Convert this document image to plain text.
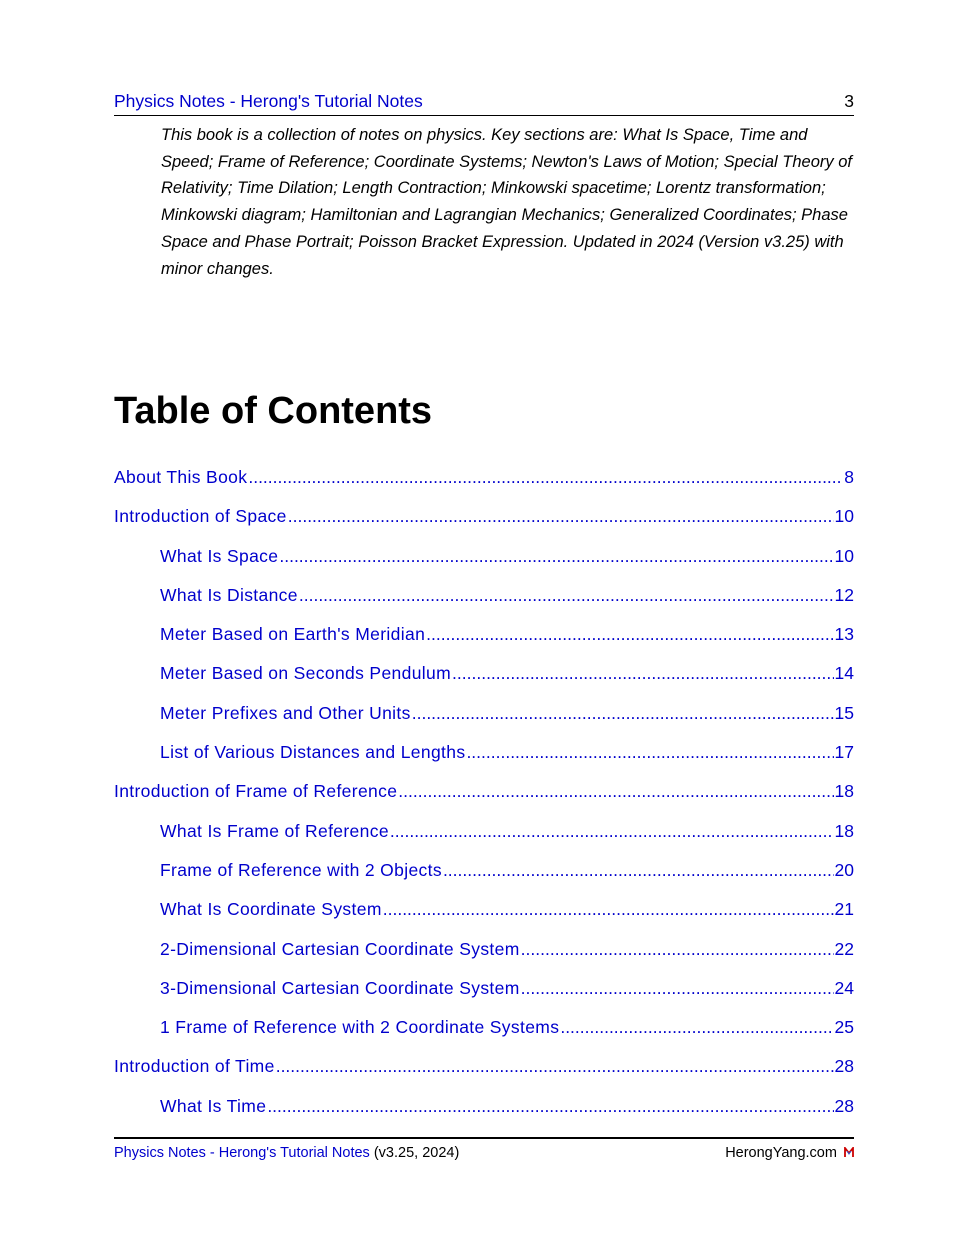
Physics Notes - Herong's Tutorial Notes	3
This book is a collection of notes on physics. Key sections are: What Is Space, Time and Speed; Frame of Reference; Coordinate Systems; Newton's Laws of Motion; Special Theory of Relativity; Time Dilation; Length Contraction; Minkowski spacetime; Lorentz transformation; Minkowski diagram; Hamiltonian and Lagrangian Mechanics; Generalized Coordinates; Phase Space and Phase Portrait; Poisson Bracket Expression. Updated in 2024 (Version v3.25) with minor changes.
Table of Contents
About This Book .....	8
Introduction of Space .....	10
What Is Space .....	10
What Is Distance .....	12
Meter Based on Earth's Meridian .....	13
Meter Based on Seconds Pendulum .....	14
Meter Prefixes and Other Units .....	15
List of Various Distances and Lengths .....	17
Introduction of Frame of Reference .....	18
What Is Frame of Reference .....	18
Frame of Reference with 2 Objects .....	20
What Is Coordinate System .....	21
2-Dimensional Cartesian Coordinate System .....	22
3-Dimensional Cartesian Coordinate System .....	24
1 Frame of Reference with 2 Coordinate Systems .....	25
Introduction of Time .....	28
What Is Time .....	28
Physics Notes - Herong's Tutorial Notes (v3.25, 2024)	HerongYang.com
